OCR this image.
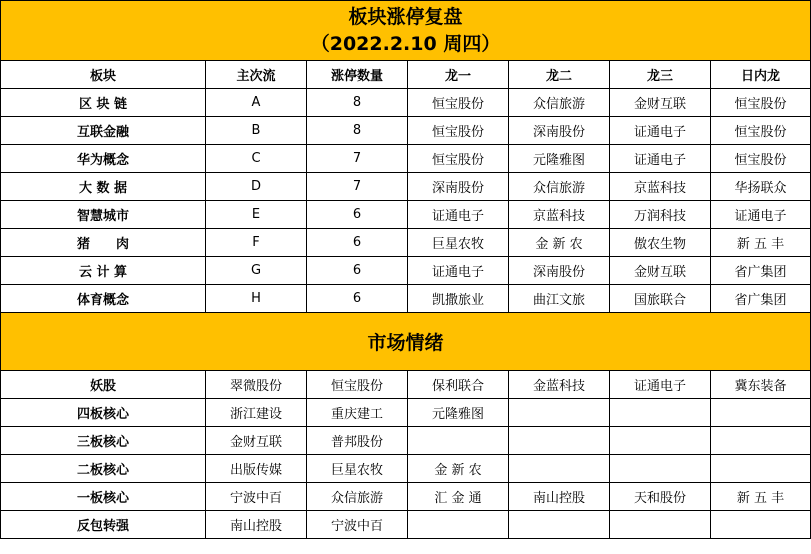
板块涨停复盘
（2022.2.10 周四）						

板块	主次流	涨停数量	龙一	龙二	龙三	日内龙
区 块 链	A	8	恒宝股份	众信旅游	金财互联	恒宝股份
互联金融	B	8	恒宝股份	深南股份	证通电子	恒宝股份
华为概念	C	7	恒宝股份	元隆雅图	证通电子	恒宝股份
大 数 据	D	7	深南股份	众信旅游	京蓝科技	华扬联众
智慧城市	E	6	证通电子	京蓝科技	万润科技	证通电子
猪　　肉	F	6	巨星农牧	金 新 农	傲农生物	新 五 丰
云 计 算	G	6	证通电子	深南股份	金财互联	省广集团
体育概念	H	6	凯撒旅业	曲江文旅	国旅联合	省广集团
市场情绪						
妖股	翠微股份	恒宝股份	保利联合	金蓝科技	证通电子	冀东装备
四板核心	浙江建设	重庆建工	元隆雅图			
三板核心	金财互联	普邦股份				
二板核心	出版传媒	巨星农牧	金 新 农			
一板核心	宁波中百	众信旅游	汇 金 通	南山控股	天和股份	新 五 丰
反包转强	南山控股	宁波中百				
